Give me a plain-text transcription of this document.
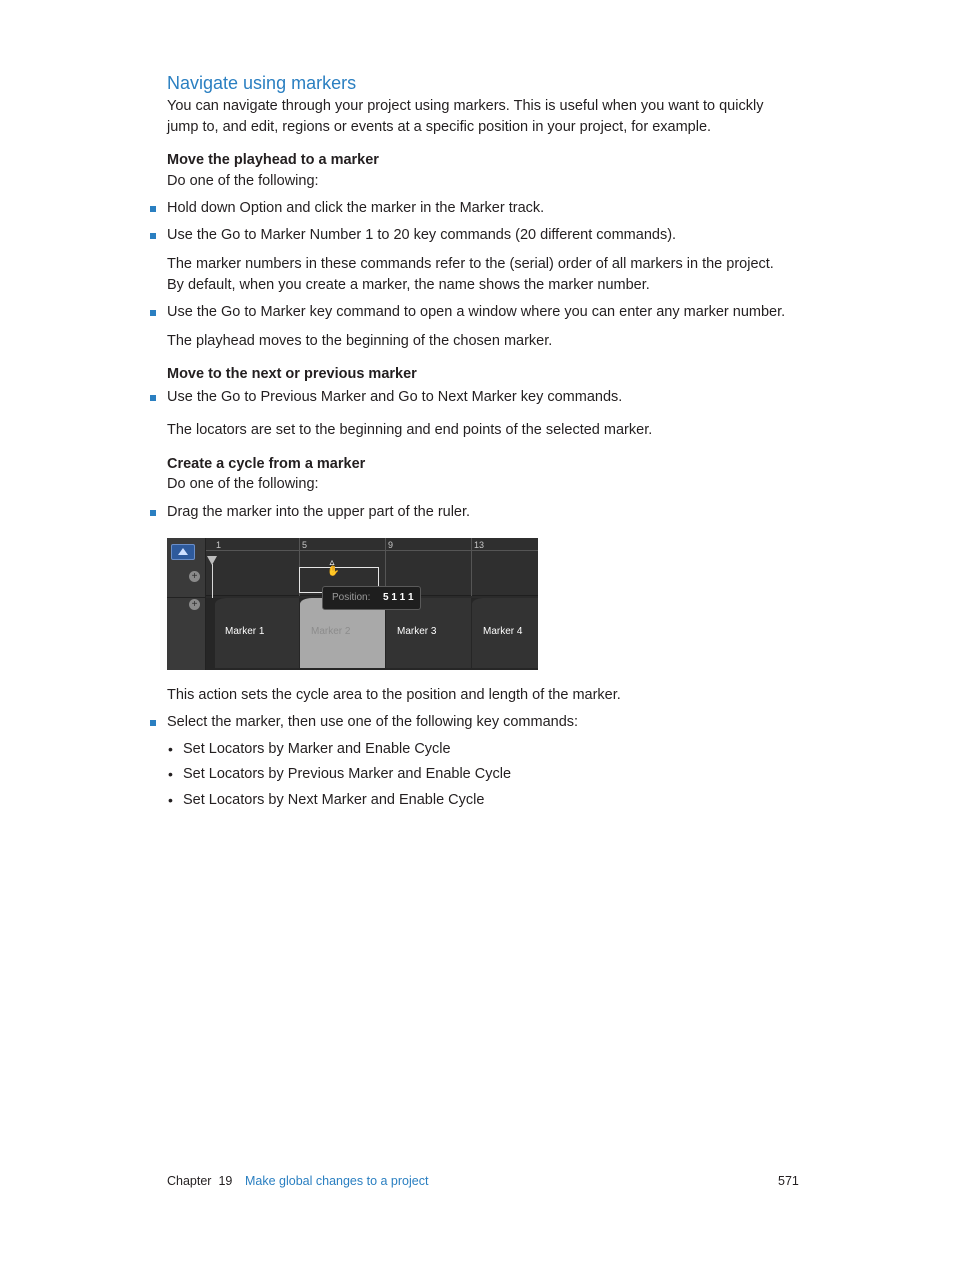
Navigate using markers
You can navigate through your project using markers. This is useful when you want to quickly
jump to, and edit, regions or events at a specific position in your project, for example.
Move the playhead to a marker
Do one of the following:
Hold down Option and click the marker in the Marker track.
Use the Go to Marker Number 1 to 20 key commands (20 different commands).
The marker numbers in these commands refer to the (serial) order of all markers in the project.
By default, when you create a marker, the name shows the marker number.
Use the Go to Marker key command to open a window where you can enter any marker number.
The playhead moves to the beginning of the chosen marker.
Move to the next or previous marker
Use the Go to Previous Marker and Go to Next Marker key commands.
The locators are set to the beginning and end points of the selected marker.
Create a cycle from a marker
Do one of the following:
Drag the marker into the upper part of the ruler.
+
+
1	5	9	13
▵
✋
Marker 1	Marker 2	Marker 3	Marker 4
Position: 5 1 1 1
This action sets the cycle area to the position and length of the marker.
Select the marker, then use one of the following key commands:
• Set Locators by Marker and Enable Cycle
• Set Locators by Previous Marker and Enable Cycle
• Set Locators by Next Marker and Enable Cycle
Chapter 19 Make global changes to a project	571
